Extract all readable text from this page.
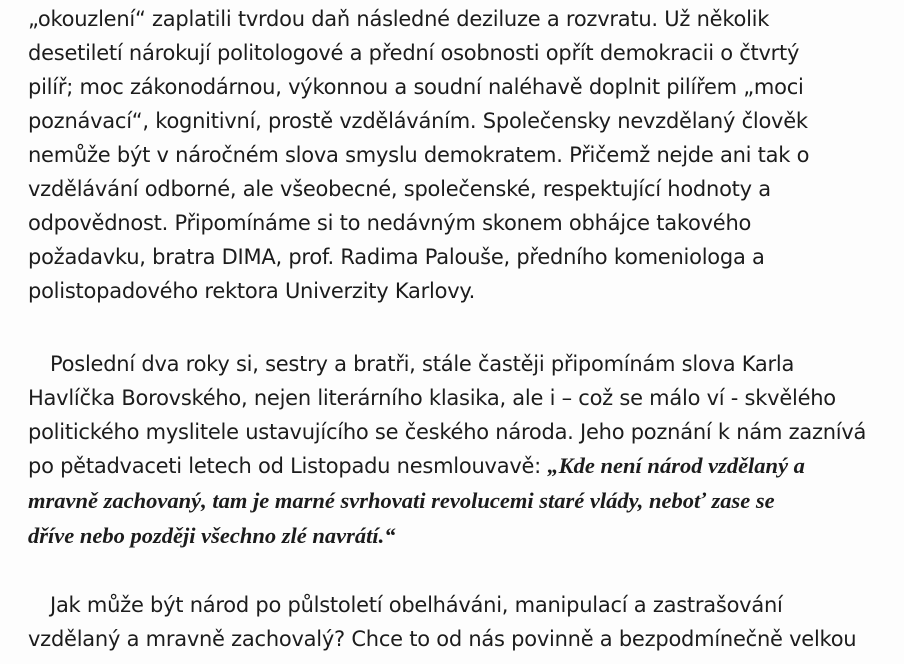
„okouzlení“ zaplatili tvrdou daň následné deziluze a rozvratu. Už několik
desetiletí nárokují politologové a přední osobnosti opřít demokracii o čtvrtý
pilíř; moc zákonodárnou, výkonnou a soudní naléhavě doplnit pilířem „moci
poznávací“, kognitivní, prostě vzděláváním. Společensky nevzdělaný člověk
nemůže být v náročném slova smyslu demokratem. Přičemž nejde ani tak o
vzdělávání odborné, ale všeobecné, společenské, respektující hodnoty a
odpovědnost. Připomínáme si to nedávným skonem obhájce takového
požadavku, bratra DIMA, prof. Radima Palouše, předního komeniologa a
polistopadového rektora Univerzity Karlovy.
Poslední dva roky si, sestry a bratři, stále častěji připomínám slova Karla
Havlíčka Borovského, nejen literárního klasika, ale i – což se málo ví - skvělého
politického myslitele ustavujícího se českého národa. Jeho poznání k nám zaznívá
po pětadvaceti letech od Listopadu nesmlouvavě: „Kde není národ vzdělaný a
mravně zachovaný, tam je marné svrhovati revolucemi staré vlády, neboť zase se
dříve nebo později všechno zlé navrátí.“
Jak může být národ po půlstoletí obelháváni, manipulací a zastrašování
vzdělaný a mravně zachovalý? Chce to od nás povinně a bezpodmínečně velkou
